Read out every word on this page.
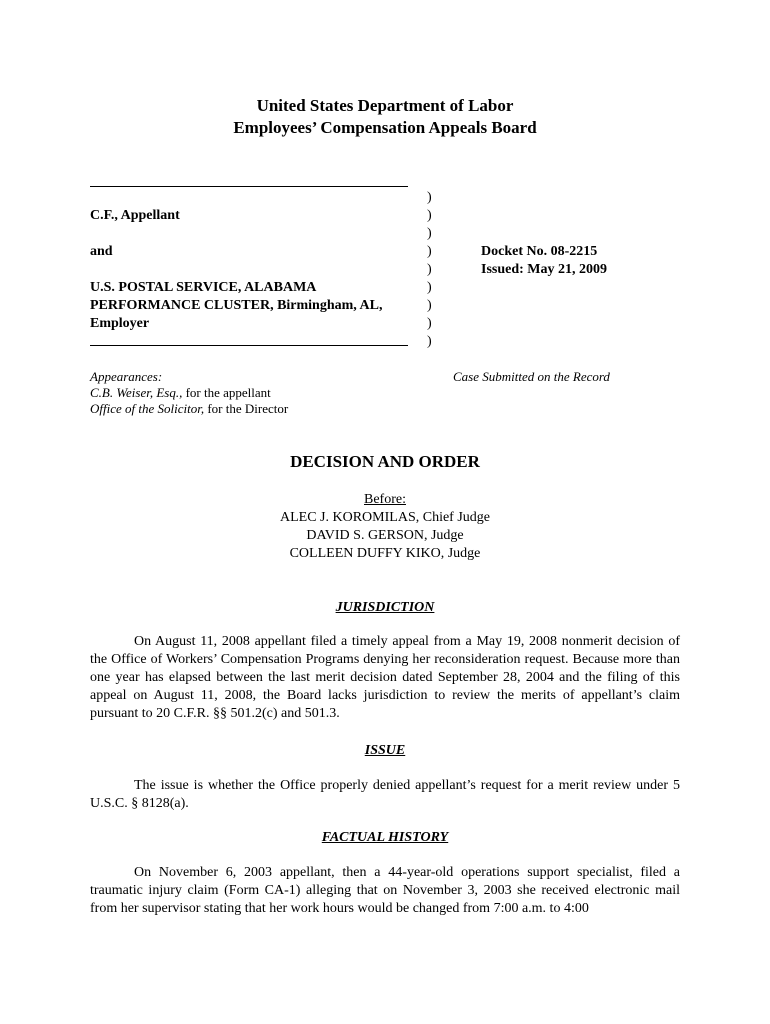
United States Department of Labor
Employees’ Compensation Appeals Board
C.F., Appellant
and
U.S. POSTAL SERVICE, ALABAMA
PERFORMANCE CLUSTER, Birmingham, AL,
Employer
)
)
)
)
)
)
)
)
)
Docket No. 08-2215
Issued: May 21, 2009
Appearances:
C.B. Weiser, Esq., for the appellant
Office of the Solicitor, for the Director
Case Submitted on the Record
DECISION AND ORDER
Before:
ALEC J. KOROMILAS, Chief Judge
DAVID S. GERSON, Judge
COLLEEN DUFFY KIKO, Judge
JURISDICTION

On August 11, 2008 appellant filed a timely appeal from a May 19, 2008 nonmerit decision of the Office of Workers’ Compensation Programs denying her reconsideration request. Because more than one year has elapsed between the last merit decision dated September 28, 2004 and the filing of this appeal on August 11, 2008, the Board lacks jurisdiction to review the merits of appellant’s claim pursuant to 20 C.F.R. §§ 501.2(c) and 501.3.

ISSUE

The issue is whether the Office properly denied appellant’s request for a merit review under 5 U.S.C. § 8128(a).

FACTUAL HISTORY

On November 6, 2003 appellant, then a 44-year-old operations support specialist, filed a traumatic injury claim (Form CA-1) alleging that on November 3, 2003 she received electronic mail from her supervisor stating that her work hours would be changed from 7:00 a.m. to 4:00
